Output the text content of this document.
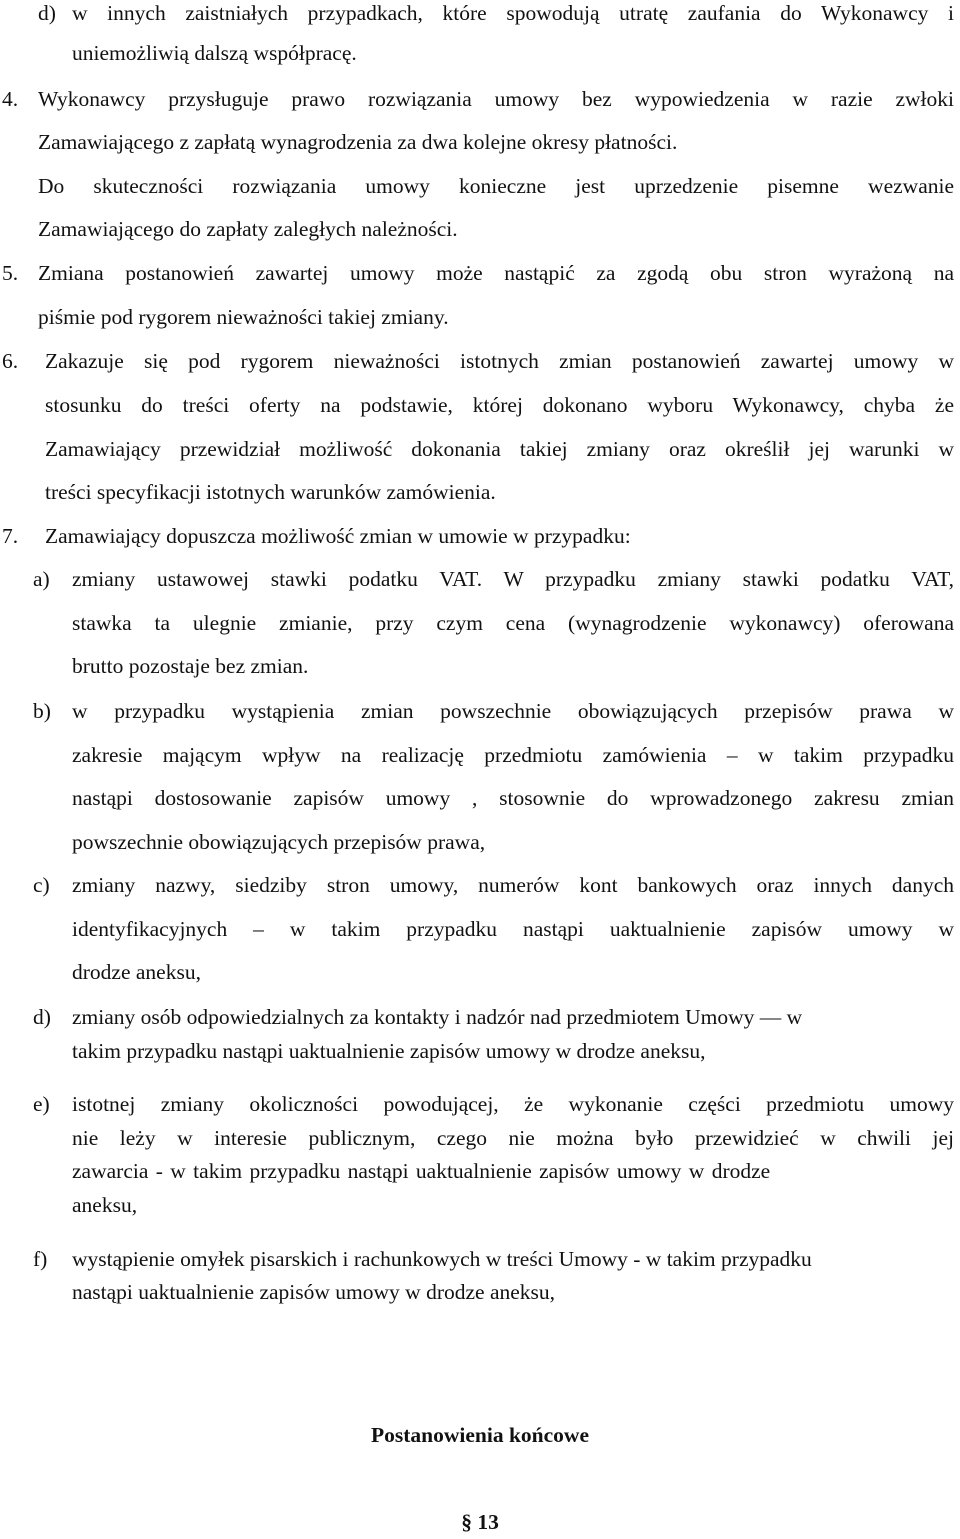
d) w innych zaistniałych przypadkach, które spowodują utratę zaufania do Wykonawcy i
uniemożliwią dalszą współpracę.
4. Wykonawcy przysługuje prawo rozwiązania umowy bez wypowiedzenia w razie zwłoki
Zamawiającego z zapłatą wynagrodzenia za dwa kolejne okresy płatności.
Do skuteczności rozwiązania umowy konieczne jest uprzedzenie pisemne wezwanie
Zamawiającego do zapłaty zaległych należności.
5. Zmiana postanowień zawartej umowy może nastąpić za zgodą obu stron wyrażoną na
piśmie pod rygorem nieważności takiej zmiany.
6. Zakazuje się pod rygorem nieważności istotnych zmian postanowień zawartej umowy w
stosunku do treści oferty na podstawie, której dokonano wyboru Wykonawcy, chyba że
Zamawiający przewidział możliwość dokonania takiej zmiany oraz określił jej warunki w
treści specyfikacji istotnych warunków zamówienia.
7. Zamawiający dopuszcza możliwość zmian w umowie w przypadku:
a) zmiany ustawowej stawki podatku VAT. W przypadku zmiany stawki podatku VAT,
stawka ta ulegnie zmianie, przy czym cena (wynagrodzenie wykonawcy) oferowana
brutto pozostaje bez zmian.
b) w przypadku wystąpienia zmian powszechnie obowiązujących przepisów prawa w
zakresie mającym wpływ na realizację przedmiotu zamówienia – w takim przypadku
nastąpi dostosowanie zapisów umowy , stosownie do wprowadzonego zakresu zmian
powszechnie obowiązujących przepisów prawa,
c) zmiany nazwy, siedziby stron umowy, numerów kont bankowych oraz innych danych
identyfikacyjnych – w takim przypadku nastąpi uaktualnienie zapisów umowy w
drodze aneksu,
d) zmiany osób odpowiedzialnych za kontakty i nadzór nad przedmiotem Umowy — w
takim przypadku nastąpi uaktualnienie zapisów umowy w drodze aneksu,
e) istotnej zmiany okoliczności powodującej, że wykonanie części przedmiotu umowy
nie leży w interesie publicznym, czego nie można było przewidzieć w chwili jej
zawarcia - w takim przypadku nastąpi uaktualnienie zapisów umowy w drodze
aneksu,
f) wystąpienie omyłek pisarskich i rachunkowych w treści Umowy - w takim przypadku
nastąpi uaktualnienie zapisów umowy w drodze aneksu,
Postanowienia końcowe
§ 13
